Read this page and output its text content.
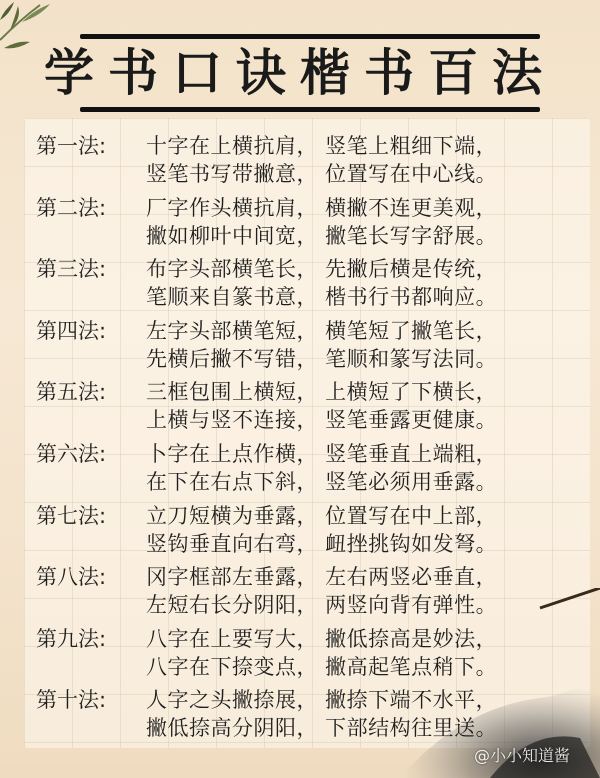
学书口诀楷书百法
第一法: 十字在上横抗肩， 竖笔上粗细下端，
竖笔书写带撇意， 位置写在中心线。
第二法: 厂字作头横抗肩， 横撇不连更美观，
撇如柳叶中间宽， 撇笔长写字舒展。
第三法: 布字头部横笔长， 先撇后横是传统，
笔顺来自篆书意， 楷书行书都响应。
第四法: 左字头部横笔短， 横笔短了撇笔长，
先横后撇不写错， 笔顺和篆写法同。
第五法: 三框包围上横短， 上横短了下横长，
上横与竖不连接， 竖笔垂露更健康。
第六法: 卜字在上点作横， 竖笔垂直上端粗，
在下在右点下斜， 竖笔必须用垂露。
第七法: 立刀短横为垂露， 位置写在中上部，
竖钩垂直向右弯， 衄挫挑钩如发弩。
第八法: 冈字框部左垂露， 左右两竖必垂直，
左短右长分阴阳， 两竖向背有弹性。
第九法: 八字在上要写大， 撇低捺高是妙法，
八字在下捺变点， 撇高起笔点稍下。
第十法: 人字之头撇捺展， 撇捺下端不水平，
撇低捺高分阴阳， 下部结构往里送。
@小小知道酱
